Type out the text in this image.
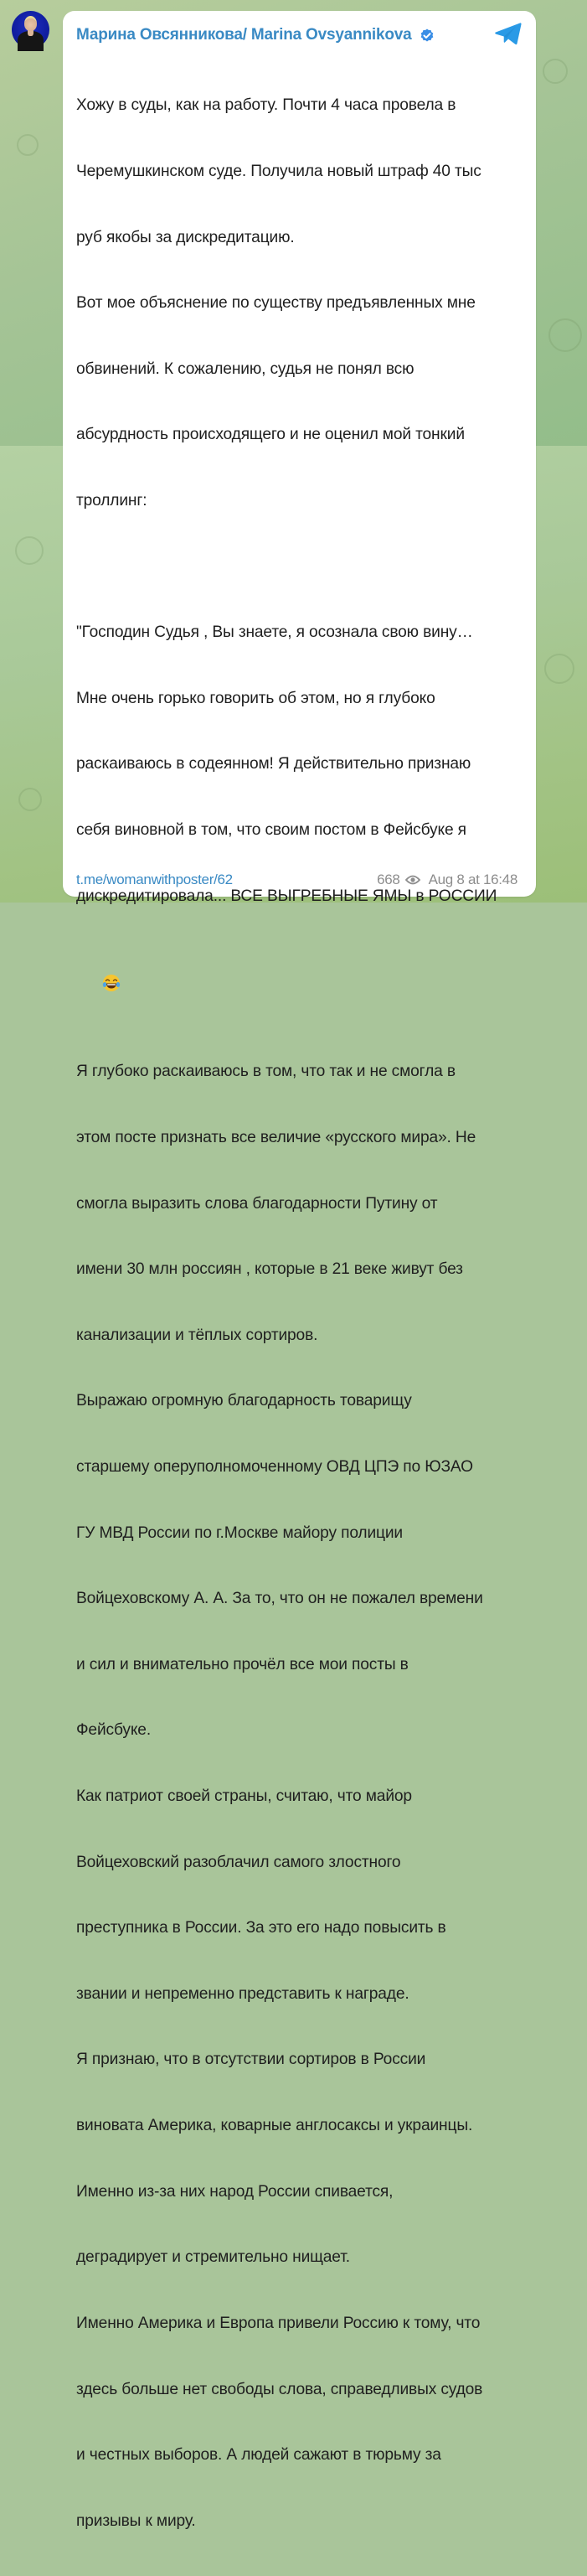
Марина Овсянникова/ Marina Ovsyannikova

Хожу в суды, как на работу. Почти 4 часа провела в

Черемушкинском суде. Получила новый штраф 40 тыс

руб якобы за дискредитацию.

Вот мое объяснение по существу предъявленных мне

обвинений. К сожалению, судья не понял всю

абсурдность происходящего и не оценил мой тонкий

троллинг:

"Господин Судья , Вы знаете, я осознала свою вину…

Мне очень горько говорить об этом, но я глубоко

раскаиваюсь в содеянном! Я действительно признаю

себя виновной в том, что своим постом в Фейсбуке я

дискредитировала... ВСЕ ВЫГРЕБНЫЕ ЯМЫ в РОССИИ

Я глубоко раскаиваюсь в том, что так и не смогла в

этом посте признать все величие «русского мира». Не

смогла выразить слова благодарности Путину от

имени 30 млн россиян , которые в 21 веке живут без

канализации и тёплых сортиров.

Выражаю огромную благодарность товарищу

старшему оперуполномоченному ОВД ЦПЭ по ЮЗАО

ГУ МВД России по г.Москве майору полиции

Войцеховскому А. А. За то, что он не пожалел времени

и сил и внимательно прочёл все мои посты в

Фейсбуке.

Как патриот своей страны, считаю, что майор

Войцеховский разоблачил самого злостного

преступника в России. За это его надо повысить в

звании и непременно представить к награде.

Я признаю, что в отсутствии сортиров в России

виновата Америка, коварные англосаксы и украинцы.

Именно из-за них народ России спивается,

деградирует и стремительно нищает.

Именно Америка и Европа привели Россию к тому, что

здесь больше нет свободы слова, справедливых судов

и честных выборов. А людей сажают в тюрьму за

призывы к миру.

t.me/womanwithposter/62	668 Aug 8 at 16:48
